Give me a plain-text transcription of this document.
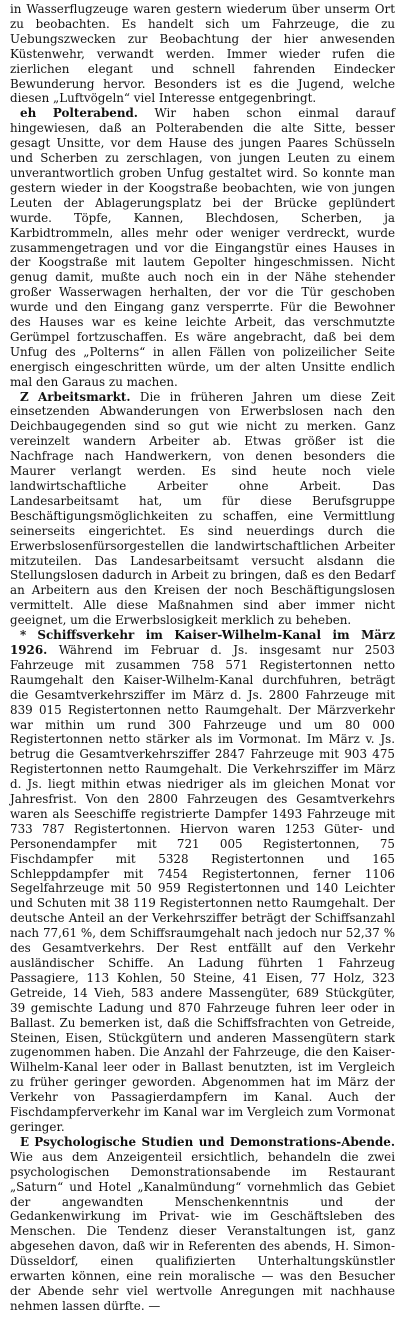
in Wasserflugzeuge waren gestern wiederum über unserm Ort zu beobachten. Es handelt sich um Fahrzeuge, die zu Uebungszwecken zur Beobachtung der hier anwesenden Küstenwehr, verwandt werden. Immer wieder rufen die zierlichen elegant und schnell fahrenden Eindecker Bewunderung hervor. Besonders ist es die Jugend, welche diesen „Luftvögeln“ viel Interesse entgegenbringt.

eh Polterabend. Wir haben schon einmal darauf hingewiesen, daß an Polterabenden die alte Sitte, besser gesagt Unsitte, vor dem Hause des jungen Paares Schüsseln und Scherben zu zerschlagen, von jungen Leuten zu einem unverantwortlich groben Unfug gestaltet wird. So konnte man gestern wieder in der Koogstraße beobachten, wie von jungen Leuten der Ablagerungsplatz bei der Brücke geplündert wurde. Töpfe, Kannen, Blechdosen, Scherben, ja Karbidtrommeln, alles mehr oder weniger verdreckt, wurde zusammengetragen und vor die Eingangstür eines Hauses in der Koogstraße mit lautem Gepolter hingeschmissen. Nicht genug damit, mußte auch noch ein in der Nähe stehender großer Wasserwagen herhalten, der vor die Tür geschoben wurde und den Eingang ganz versperrte. Für die Bewohner des Hauses war es keine leichte Arbeit, das verschmutzte Gerümpel fortzuschaffen. Es wäre angebracht, daß bei dem Unfug des „Polterns“ in allen Fällen von polizeilicher Seite energisch eingeschritten würde, um der alten Unsitte endlich mal den Garaus zu machen.

Z Arbeitsmarkt. Die in früheren Jahren um diese Zeit einsetzenden Abwanderungen von Erwerbslosen nach den Deichbaugegenden sind so gut wie nicht zu merken. Ganz vereinzelt wandern Arbeiter ab. Etwas größer ist die Nachfrage nach Handwerkern, von denen besonders die Maurer verlangt werden. Es sind heute noch viele landwirtschaftliche Arbeiter ohne Arbeit. Das Landesarbeitsamt hat, um für diese Berufsgruppe Beschäftigungsmöglichkeiten zu schaffen, eine Vermittlung seinerseits eingerichtet. Es sind neuerdings durch die Erwerbslosenfürsorgestellen die landwirtschaftlichen Arbeiter mitzuteilen. Das Landesarbeitsamt versucht alsdann die Stellungslosen dadurch in Arbeit zu bringen, daß es den Bedarf an Arbeitern aus den Kreisen der noch Beschäftigungslosen vermittelt. Alle diese Maßnahmen sind aber immer nicht geeignet, um die Erwerbslosigkeit merklich zu beheben.

* Schiffsverkehr im Kaiser-Wilhelm-Kanal im März 1926. Während im Februar d. Js. insgesamt nur 2503 Fahrzeuge mit zusammen 758 571 Registertonnen netto Raumgehalt den Kaiser-Wilhelm-Kanal durchfuhren, beträgt die Gesamtverkehrsziffer im März d. Js. 2800 Fahrzeuge mit 839 015 Registertonnen netto Raumgehalt. Der Märzverkehr war mithin um rund 300 Fahrzeuge und um 80 000 Registertonnen netto stärker als im Vormonat. Im März v. Js. betrug die Gesamtverkehrsziffer 2847 Fahrzeuge mit 903 475 Registertonnen netto Raumgehalt. Die Verkehrsziffer im März d. Js. liegt mithin etwas niedriger als im gleichen Monat vor Jahresfrist. Von den 2800 Fahrzeugen des Gesamtverkehrs waren als Seeschiffe registrierte Dampfer 1493 Fahrzeuge mit 733 787 Registertonnen. Hiervon waren 1253 Güter- und Personendampfer mit 721 005 Registertonnen, 75 Fischdampfer mit 5328 Registertonnen und 165 Schleppdampfer mit 7454 Registertonnen, ferner 1106 Segelfahrzeuge mit 50 959 Registertonnen und 140 Leichter und Schuten mit 38 119 Registertonnen netto Raumgehalt. Der deutsche Anteil an der Verkehrsziffer beträgt der Schiffsanzahl nach 77,61 %, dem Schiffsraumgehalt nach jedoch nur 52,37 % des Gesamtverkehrs. Der Rest entfällt auf den Verkehr ausländischer Schiffe. An Ladung führten 1 Fahrzeug Passagiere, 113 Kohlen, 50 Steine, 41 Eisen, 77 Holz, 323 Getreide, 14 Vieh, 583 andere Massengüter, 689 Stückgüter, 39 gemischte Ladung und 870 Fahrzeuge fuhren leer oder in Ballast. Zu bemerken ist, daß die Schiffsfrachten von Getreide, Steinen, Eisen, Stückgütern und anderen Massengütern stark zugenommen haben. Die Anzahl der Fahrzeuge, die den Kaiser-Wilhelm-Kanal leer oder in Ballast benutzten, ist im Vergleich zu früher geringer geworden. Abgenommen hat im März der Verkehr von Passagierdampfern im Kanal. Auch der Fischdampferverkehr im Kanal war im Vergleich zum Vormonat geringer.

E Psychologische Studien und Demonstrations-Abende. Wie aus dem Anzeigenteil ersichtlich, behandeln die zwei psychologischen Demonstrationsabende im Restaurant „Saturn“ und Hotel „Kanalmündung“ vornehmlich das Gebiet der angewandten Menschenkenntnis und der Gedankenwirkung im Privat- wie im Geschäftsleben des Menschen. Die Tendenz dieser Veranstaltungen ist, ganz abgesehen davon, daß wir in Referenten des abends, H. Simon-Düsseldorf, einen qualifizierten Unterhaltungskünstler erwarten können, eine rein moralische — was den Besucher der Abende sehr viel wertvolle Anregungen mit nachhause nehmen lassen dürfte. —
